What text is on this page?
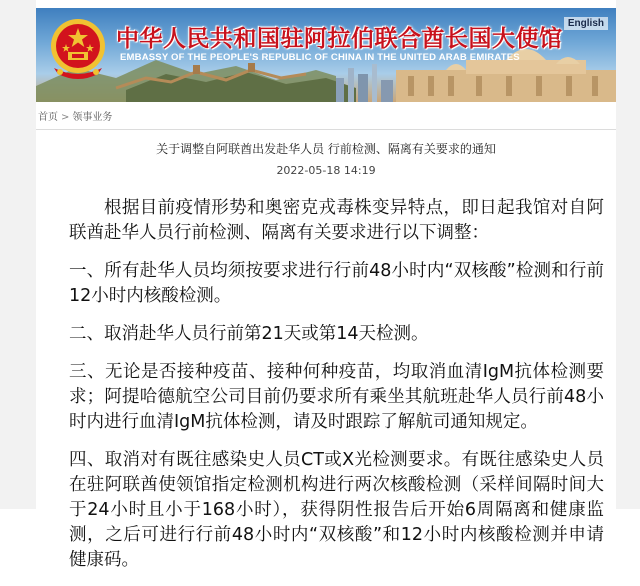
中华人民共和国驻阿拉伯联合酋长国大使馆
EMBASSY OF THE PEOPLE'S REPUBLIC OF CHINA IN THE UNITED ARAB EMIRATES
English
首页 > 领事业务
关于调整自阿联酋出发赴华人员 行前检测、隔离有关要求的通知
2022-05-18 14:19

根据目前疫情形势和奥密克戎毒株变异特点，即日起我馆对自阿联酋赴华人员行前检测、隔离有关要求进行以下调整：

一、所有赴华人员均须按要求进行行前48小时内“双核酸”检测和行前12小时内核酸检测。

二、取消赴华人员行前第21天或第14天检测。

三、无论是否接种疫苗、接种何种疫苗，均取消血清IgM抗体检测要求；阿提哈德航空公司目前仍要求所有乘坐其航班赴华人员行前48小时内进行血清IgM抗体检测，请及时跟踪了解航司通知规定。

四、取消对有既往感染史人员CT或X光检测要求。有既往感染史人员在驻阿联酋使领馆指定检测机构进行两次核酸检测（采样间隔时间大于24小时且小于168小时），获得阴性报告后开始6周隔离和健康监测，之后可进行行前48小时内“双核酸”和12小时内核酸检测并申请健康码。
